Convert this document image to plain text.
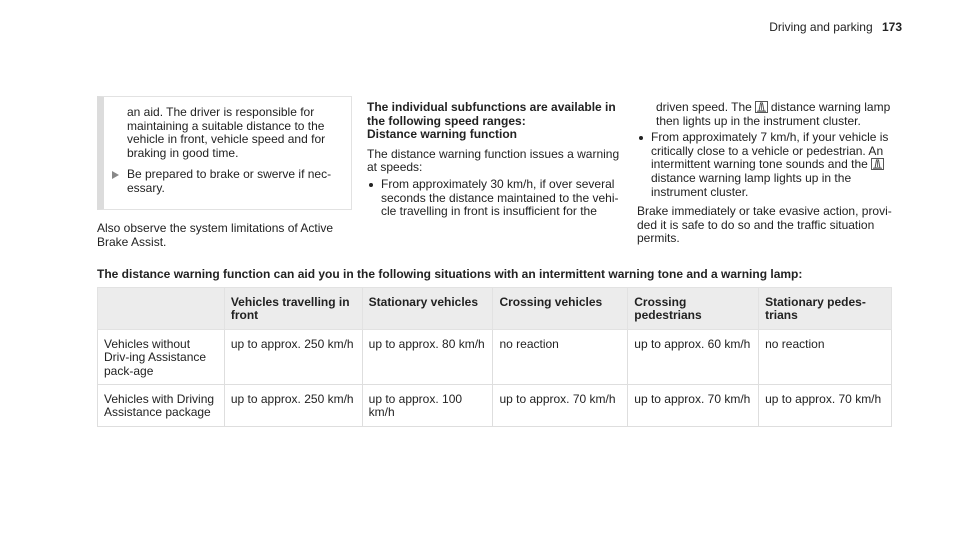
Driving and parking 173

an aid. The driver is responsible for maintaining a suitable distance to the vehicle in front, vehicle speed and for braking in good time.

Be prepared to brake or swerve if nec-essary.

Also observe the system limitations of Active Brake Assist.

The individual subfunctions are available in the following speed ranges:

Distance warning function

The distance warning function issues a warning at speeds:

From approximately 30 km/h, if over several seconds the distance maintained to the vehi-cle travelling in front is insufficient for the

driven speed. The distance warning lamp then lights up in the instrument cluster.

From approximately 7 km/h, if your vehicle is critically close to a vehicle or pedestrian. An intermittent warning tone sounds and the
distance warning lamp lights up in the instrument cluster.

Brake immediately or take evasive action, provi-ded it is safe to do so and the traffic situation permits.

The distance warning function can aid you in the following situations with an intermittent warning tone and a warning lamp:

	Vehicles travelling in front	Stationary vehicles	Crossing vehicles	Crossing pedestrians	Stationary pedes-trians
Vehicles without Driv-ing Assistance pack-age	up to approx. 250 km/h	up to approx. 80 km/h	no reaction	up to approx. 60 km/h	no reaction
Vehicles with Driving Assistance package	up to approx. 250 km/h	up to approx. 100 km/h	up to approx. 70 km/h	up to approx. 70 km/h	up to approx. 70 km/h
